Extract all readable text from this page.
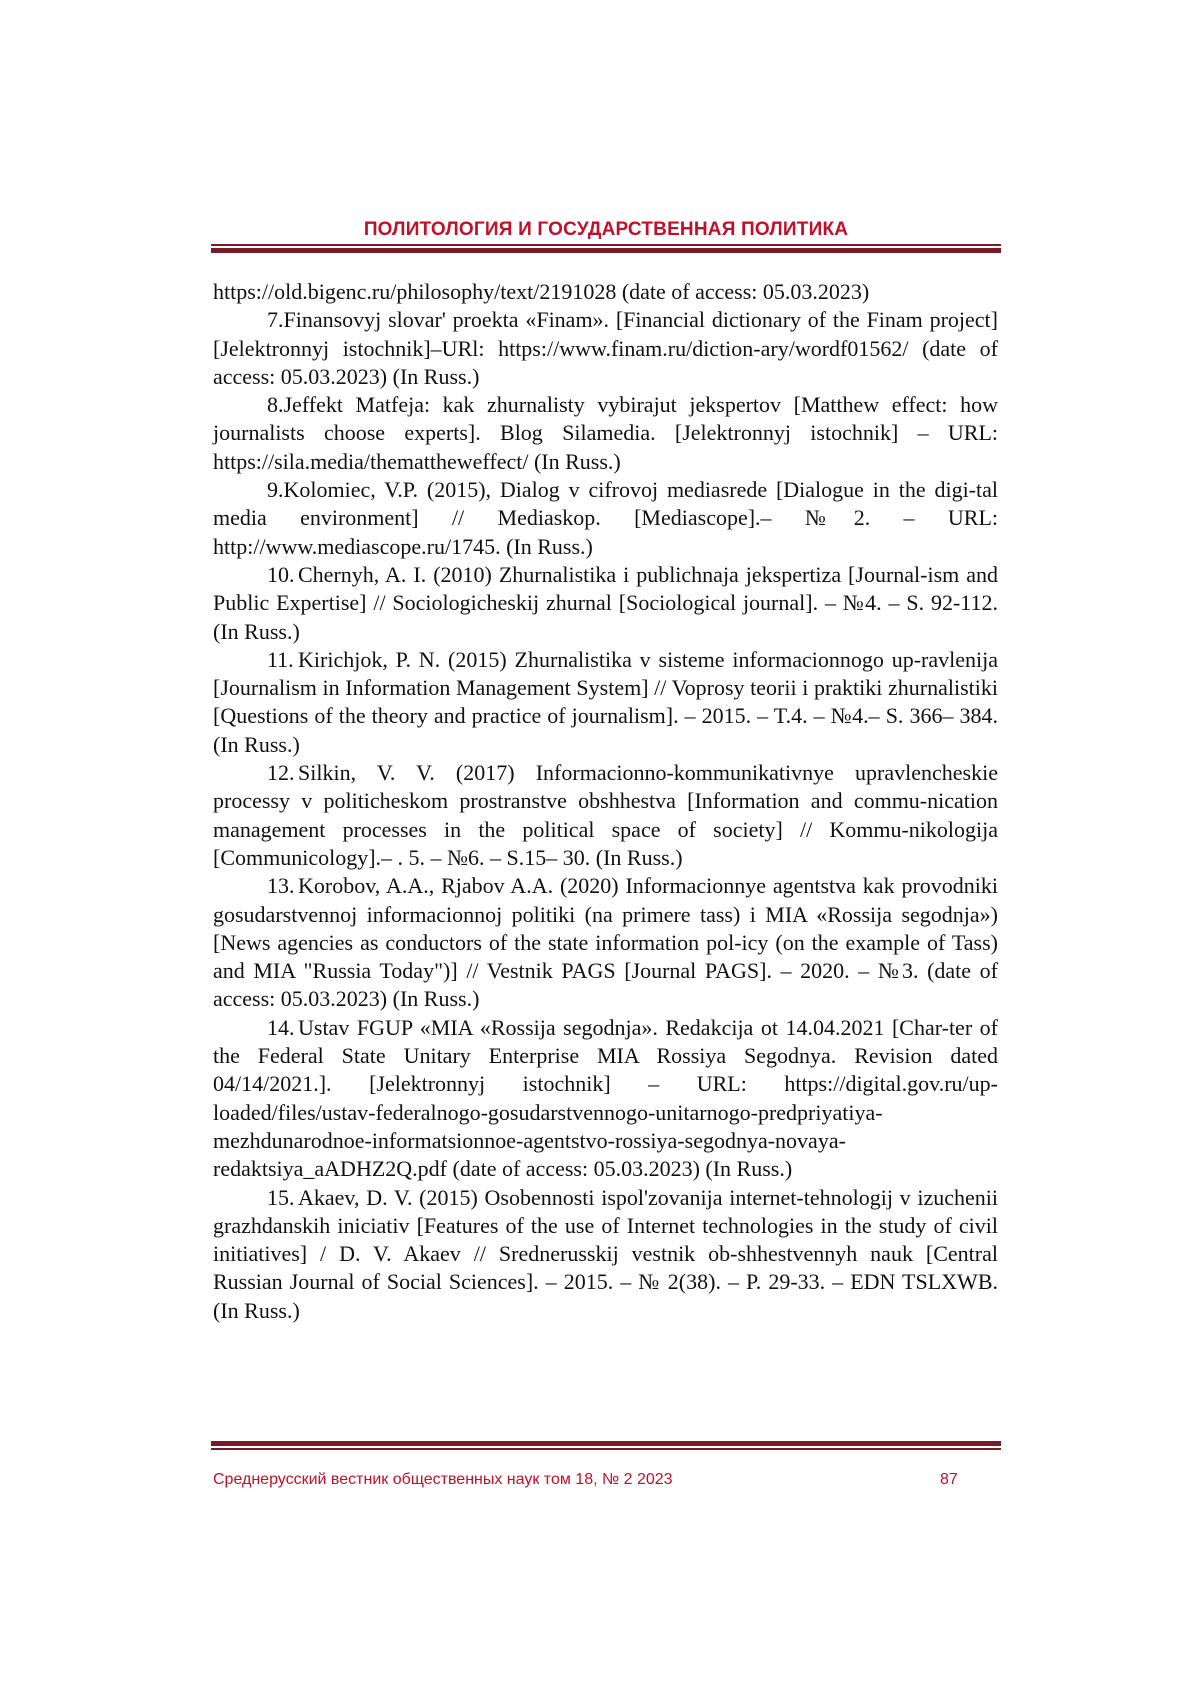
ПОЛИТОЛОГИЯ И ГОСУДАРСТВЕННАЯ ПОЛИТИКА

https://old.bigenc.ru/philosophy/text/2191028 (date of access: 05.03.2023)

7.Finansovyj slovar' proekta «Finam». [Financial dictionary of the Finam project] [Jelektronnyj istochnik]–URl: https://www.finam.ru/diction-ary/wordf01562/ (date of access: 05.03.2023) (In Russ.)

8.Jeffekt Matfeja: kak zhurnalisty vybirajut jekspertov [Matthew effect: how journalists choose experts]. Blog Silamedia. [Jelektronnyj istochnik] – URL: https://sila.media/themattheweffect/ (In Russ.)

9.Kolomiec, V.P. (2015), Dialog v cifrovoj mediasrede [Dialogue in the digi-tal media environment] // Mediaskop. [Mediascope].– №2. – URL: http://www.mediascope.ru/1745. (In Russ.)

10. Chernyh, A. I. (2010) Zhurnalistika i publichnaja jekspertiza [Journal-ism and Public Expertise] // Sociologicheskij zhurnal [Sociological journal]. – №4. – S. 92-112. (In Russ.)

11. Kirichjok, P. N. (2015) Zhurnalistika v sisteme informacionnogo up-ravlenija [Journalism in Information Management System] // Voprosy teorii i praktiki zhurnalistiki [Questions of the theory and practice of journalism]. – 2015. – T.4. – №4.– S. 366– 384. (In Russ.)

12. Silkin, V. V. (2017) Informacionno-kommunikativnye upravlencheskie processy v politicheskom prostranstve obshhestva [Information and commu-nication management processes in the political space of society] // Kommu-nikologija [Communicology].– . 5. – №6. – S.15– 30. (In Russ.)

13. Korobov, A.A., Rjabov A.A. (2020) Informacionnye agentstva kak provodniki gosudarstvennoj informacionnoj politiki (na primere tass) i MIA «Rossija segodnja») [News agencies as conductors of the state information pol-icy (on the example of Tass) and MIA "Russia Today")] // Vestnik PAGS [Journal PAGS]. – 2020. – №3. (date of access: 05.03.2023) (In Russ.)

14. Ustav FGUP «MIA «Rossija segodnja». Redakcija ot 14.04.2021 [Char-ter of the Federal State Unitary Enterprise MIA Rossiya Segodnya. Revision dated 04/14/2021.]. [Jelektronnyj istochnik] – URL: https://digital.gov.ru/up-loaded/files/ustav-federalnogo-gosudarstvennogo-unitarnogo-predpriyatiya-mezhdunarodnoe-informatsionnoe-agentstvo-rossiya-segodnya-novaya-redaktsiya_aADHZ2Q.pdf (date of access: 05.03.2023) (In Russ.)

15. Akaev, D. V. (2015) Osobennosti ispol'zovanija internet-tehnologij v izuchenii grazhdanskih iniciativ [Features of the use of Internet technologies in the study of civil initiatives] / D. V. Akaev // Srednerusskij vestnik ob-shhestvennyh nauk [Central Russian Journal of Social Sciences]. – 2015. – № 2(38). – P. 29-33. – EDN TSLXWB. (In Russ.)

Среднерусский вестник общественных наук том 18, № 2 2023	87
